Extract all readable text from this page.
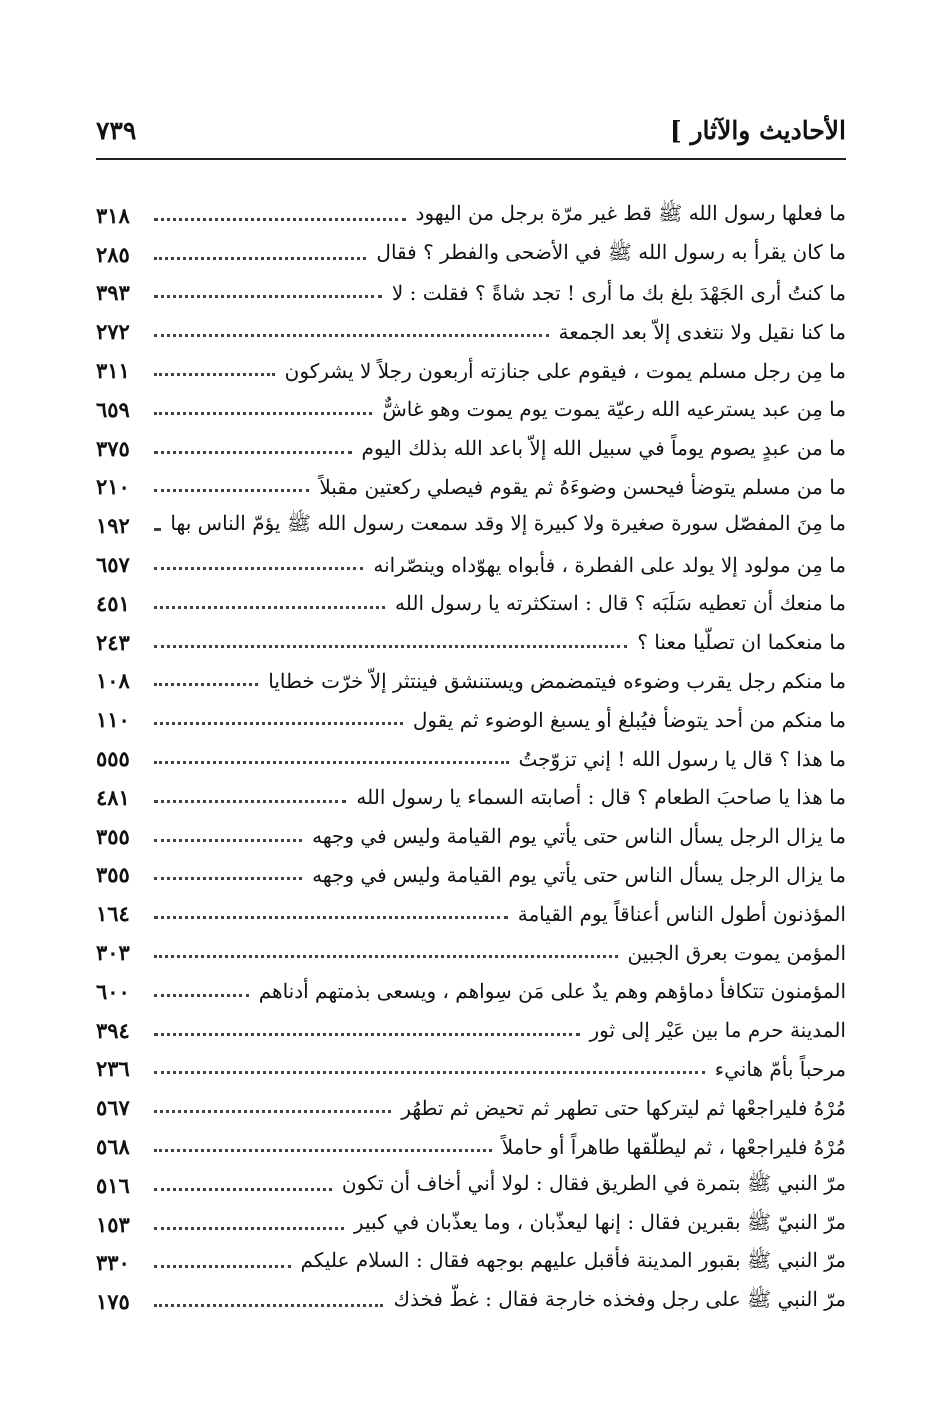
الأحاديث والآثار ]
٧٣٩
ما فعلها رسول الله ﷺ قط غير مرّة برجل من اليهود
٣١٨
ما كان يقرأ به رسول الله ﷺ في الأضحى والفطر ؟ فقال
٢٨٥
ما كنتُ أرى الجَهْدَ بلغ بك ما أرى ! تجد شاةً ؟ فقلت : لا
٣٩٣
ما كنا نقيل ولا نتغدى إلاّ بعد الجمعة
٢٧٢
ما مِن رجل مسلم يموت ، فيقوم على جنازته أربعون رجلاً لا يشركون
٣١١
ما مِن عبد يسترعيه الله رعيّة يموت يوم يموت وهو غاشٌّ
٦٥٩
ما من عبدٍ يصوم يوماً في سبيل الله إلاّ باعد الله بذلك اليوم
٣٧٥
ما من مسلم يتوضأ فيحسن وضوءَهُ ثم يقوم فيصلي ركعتين مقبلاً
٢١٠
ما مِنَ المفصّل سورة صغيرة ولا كبيرة إلا وقد سمعت رسول الله ﷺ يؤمّ الناس بها
١٩٢
ما مِن مولود إلا يولد على الفطرة ، فأبواه يهوّداه وينصّرانه
٦٥٧
ما منعك أن تعطيه سَلَبَه ؟ قال : استكثرته يا رسول الله
٤٥١
ما منعكما ان تصلّيا معنا ؟
٢٤٣
ما منكم رجل يقرب وضوءه فيتمضمض ويستنشق فينتثر إلاّ خرّت خطايا
١٠٨
ما منكم من أحد يتوضأ فيُبلغ أو يسبغ الوضوء ثم يقول
١١٠
ما هذا ؟ قال يا رسول الله ! إني تزوّجتُ
٥٥٥
ما هذا يا صاحبَ الطعام ؟ قال : أصابته السماء يا رسول الله
٤٨١
ما يزال الرجل يسأل الناس حتى يأتي يوم القيامة وليس في وجهه
٣٥٥
ما يزال الرجل يسأل الناس حتى يأتي يوم القيامة وليس في وجهه
٣٥٥
المؤذنون أطول الناس أعناقاً يوم القيامة
١٦٤
المؤمن يموت بعرق الجبين
٣٠٣
المؤمنون تتكافأ دماؤهم وهم يدٌ على مَن سِواهم ، ويسعى بذمتهم أدناهم
٦٠٠
المدينة حرم ما بين عَيْر إلى ثور
٣٩٤
مرحباً بأمّ هانيء
٢٣٦
مُرْهُ فليراجعْها ثم ليتركها حتى تطهر ثم تحيض ثم تطهُر
٥٦٧
مُرْهُ فليراجعْها ، ثم ليطلّقها طاهراً أو حاملاً
٥٦٨
مرّ النبي ﷺ بتمرة في الطريق فقال : لولا أني أخاف أن تكون
٥١٦
مرّ النبيّ ﷺ بقبرين فقال : إنها ليعذّبان ، وما يعذّبان في كبير
١٥٣
مرّ النبي ﷺ بقبور المدينة فأقبل عليهم بوجهه فقال : السلام عليكم
٣٣٠
مرّ النبي ﷺ على رجل وفخذه خارجة فقال : غطّ فخذك
١٧٥
